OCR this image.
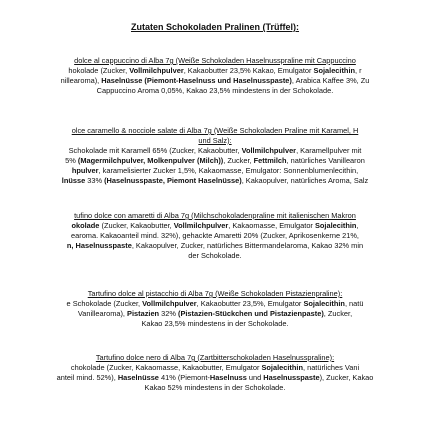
Zutaten Schokoladen Pralinen (Trüffel):
dolce al cappuccino di Alba 7g (Weiße Schokoladen Haselnusspraline mit Cappuccino
hokolade (Zucker, Vollmilchpulver, Kakaobutter 23,5% Kakao, Emulgator Sojalecithin, r
nillearoma), Haselnüsse (Piemont-Haselnuss und Haselnusspaste), Arabica Kaffee 3%, Zu
Cappuccino Aroma 0,05%, Kakao 23,5% mindestens in der Schokolade.
olce caramello & nocciole salate di Alba 7g (Weiße Schokoladen Praline mit Karamel, H
und Salz):
Schokolade mit Karamell 65% (Zucker, Kakaobutter, Vollmilchpulver, Karamellpulver mit
5% (Magermilchpulver, Molkenpulver (Milch)), Zucker, Fettmilch, natürliches Vanillearon
hpulver, karamelisierter Zucker 1,5%, Kakaomasse, Emulgator: Sonnenblumenlecithin,
lnüsse 33% (Haselnusspaste, Piemont Haselnüsse), Kakaopulver, natürliches Aroma, Salz
tufino dolce con amaretti di Alba 7g (Milchschokoladenpraline mit italienischen Makron
okolade (Zucker, Kakaobutter, Vollmilchpulver, Kakaomasse, Emulgator Sojalecithin,
earoma. Kakaoanteil mind. 32%), gehackte Amaretti 20% (Zucker, Aprikosenkerne 21%,
n, Haselnusspaste, Kakaopulver, Zucker, natürliches Bittermandelaroma, Kakao 32% min
der Schokolade.
Tartufino dolce al pistacchio di Alba 7g (Weiße Schokoladen Pistazienpraline):
e Schokolade (Zucker, Vollmilchpulver, Kakaobutter 23,5%, Emulgator Sojalecithin, natü
Vanillearoma), Pistazien 32% (Pistazien-Stückchen und Pistazienpaste), Zucker,
Kakao 23,5% mindestens in der Schokolade.
Tartufino dolce nero di Alba 7g (Zartbitterschokoladen Haselnusspraline):
chokolade (Zucker, Kakaomasse, Kakaobutter, Emulgator Sojalecithin, natürliches Vani
anteil mind. 52%), Haselnüsse 41% (Piemont-Haselnuss und Haselnusspaste), Zucker, Kakao
Kakao 52% mindestens in der Schokolade.
